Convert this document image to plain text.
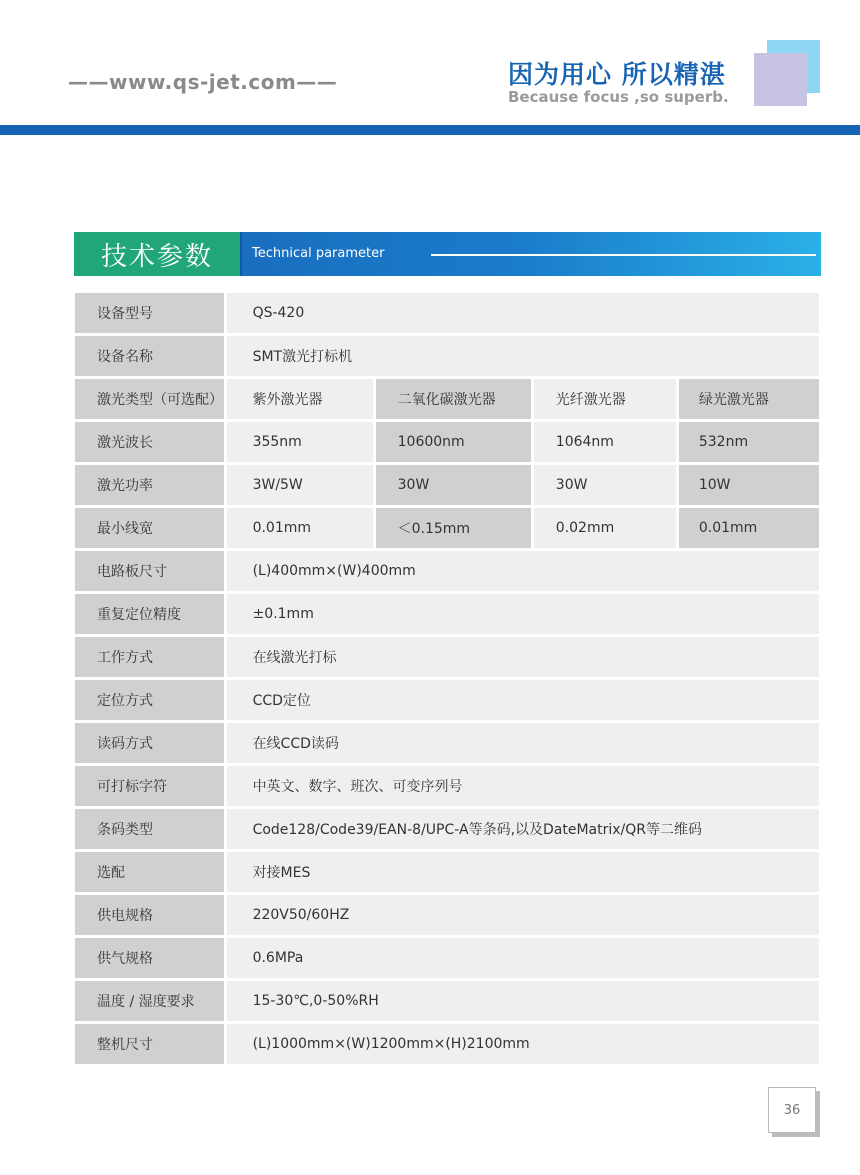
——www.qs-jet.com——	因为用心 所以精湛
Because focus ,so superb.
技术参数	Technical parameter
设备型号	QS-420			
设备名称	SMT激光打标机			
激光类型（可选配）	紫外激光器	二氧化碳激光器	光纤激光器	绿光激光器
激光波长	355nm	10600nm	1064nm	532nm
激光功率	3W/5W	30W	30W	10W
最小线宽	0.01mm	＜0.15mm	0.02mm	0.01mm
电路板尺寸	(L)400mm×(W)400mm			
重复定位精度	±0.1mm			
工作方式	在线激光打标			
定位方式	CCD定位			
读码方式	在线CCD读码			
可打标字符	中英文、数字、班次、可变序列号			
条码类型	Code128/Code39/EAN-8/UPC-A等条码,以及DateMatrix/QR等二维码			
选配	对接MES			
供电规格	220V50/60HZ			
供气规格	0.6MPa			
温度 / 湿度要求	15-30℃,0-50%RH			
整机尺寸	(L)1000mm×(W)1200mm×(H)2100mm			
36
